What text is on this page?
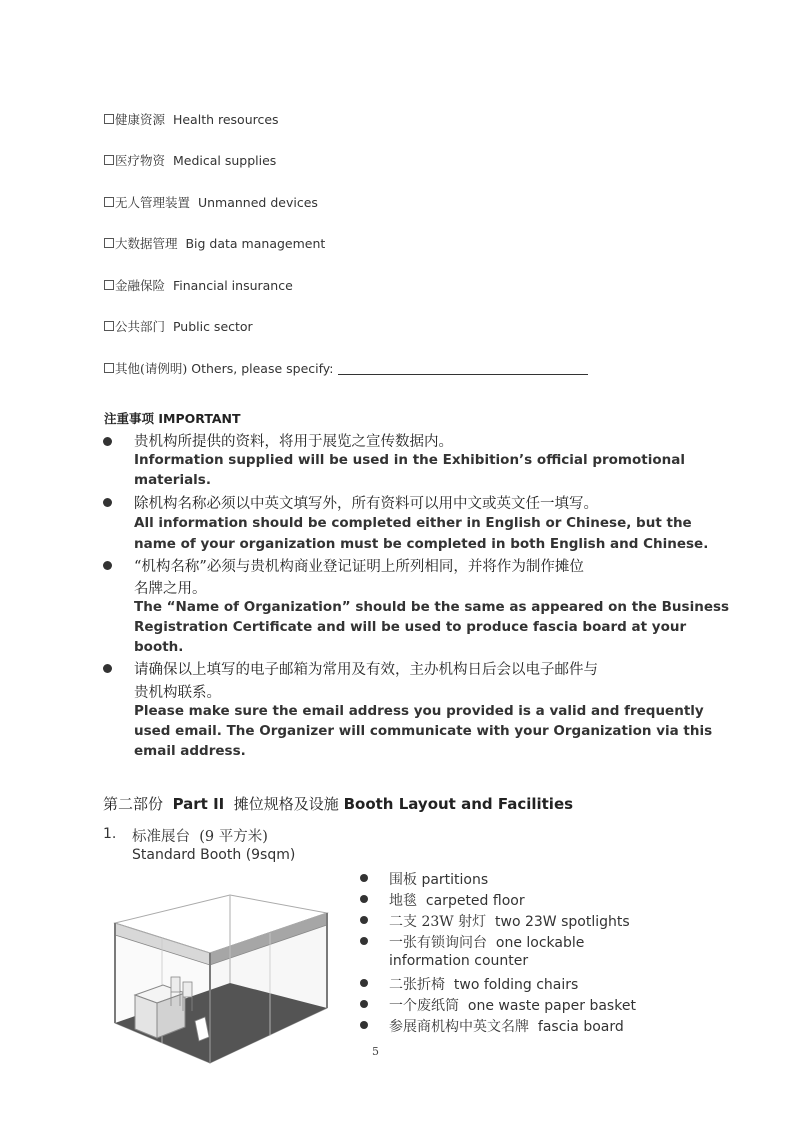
健康资源 Health resources
医疗物资 Medical supplies
无人管理装置 Unmanned devices
大数据管理 Big data management
金融保险 Financial insurance
公共部门 Public sector
其他(请例明) Others, please specify:
注重事项 IMPORTANT
贵机构所提供的资料，将用于展览之宣传数据内。
Information supplied will be used in the Exhibition’s official promotional
materials.
除机构名称必须以中英文填写外，所有资料可以用中文或英文任一填写。
All information should be completed either in English or Chinese, but the
name of your organization must be completed in both English and Chinese.
“机构名称”必须与贵机构商业登记证明上所列相同，并将作为制作摊位
名牌之用。
The “Name of Organization” should be the same as appeared on the Business
Registration Certificate and will be used to produce fascia board at your
booth.
请确保以上填写的电子邮箱为常用及有效，主办机构日后会以电子邮件与
贵机构联系。
Please make sure the email address you provided is a valid and frequently
used email. The Organizer will communicate with your Organization via this
email address.
第二部份 Part II 摊位规格及设施 Booth Layout and Facilities
1. 标准展台 (9 平方米)
Standard Booth (9sqm)
围板 partitions
地毯 carpeted floor
二支 23W 射灯 two 23W spotlights
一张有锁询问台 one lockable
information counter
二张折椅 two folding chairs
一个废纸筒 one waste paper basket
参展商机构中英文名牌 fascia board
5
